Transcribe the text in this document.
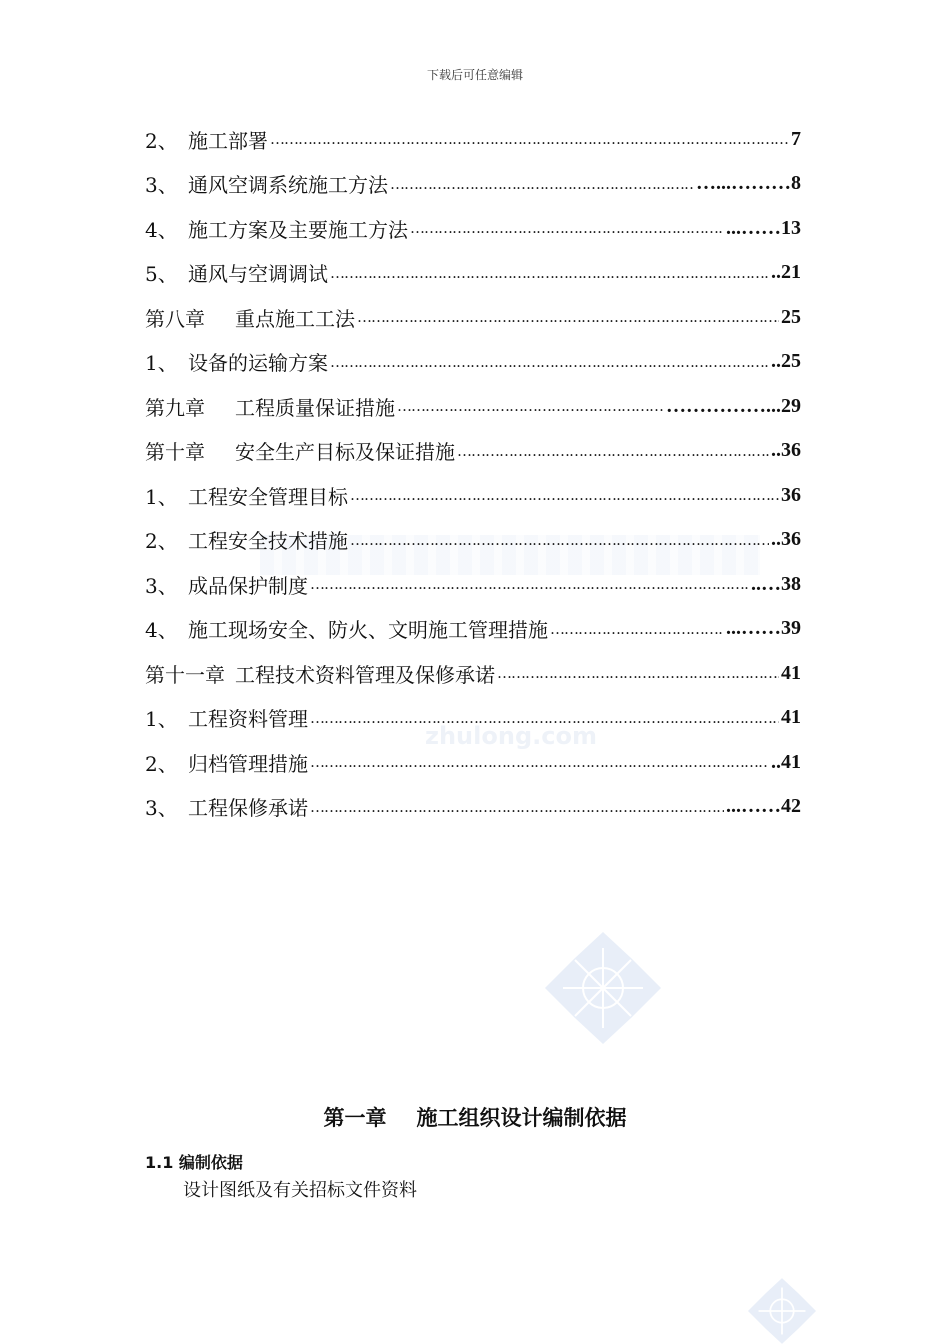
下载后可任意编辑
zhulong.com
2、 施工部署 …………………………………………………………………………………………………………………………………………………………	7
3、 通风空调系统施工方法 …………………………………………………………………………………………………………………………………………………………	…...………8
4、 施工方案及主要施工方法 …………………………………………………………………………………………………………………………………………………………	...……13
5、 通风与空调调试 …………………………………………………………………………………………………………………………………………………………	..21
第八章	重点施工工法 …………………………………………………………………………………………………………………………………………………………	25
1、 设备的运输方案 …………………………………………………………………………………………………………………………………………………………	..25
第九章	工程质量保证措施 …………………………………………………………………………………………………………………………………………………………	……………...29
第十章	安全生产目标及保证措施 …………………………………………………………………………………………………………………………………………………………	..36
1、 工程安全管理目标 …………………………………………………………………………………………………………………………………………………………	36
2、 工程安全技术措施 …………………………………………………………………………………………………………………………………………………………	..36
3、 成品保护制度 …………………………………………………………………………………………………………………………………………………………	..…38
4、 施工现场安全、防火、文明施工管理措施 …………………………………………………………………………………………………………………………………………………………	...……39
第十一章 工程技术资料管理及保修承诺 …………………………………………………………………………………………………………………………………………………………	41
1、 工程资料管理 …………………………………………………………………………………………………………………………………………………………	41
2、 归档管理措施 …………………………………………………………………………………………………………………………………………………………	..41
3、 工程保修承诺 …………………………………………………………………………………………………………………………………………………………	...……42
第一章 施工组织设计编制依据
1.1 编制依据
设计图纸及有关招标文件资料
